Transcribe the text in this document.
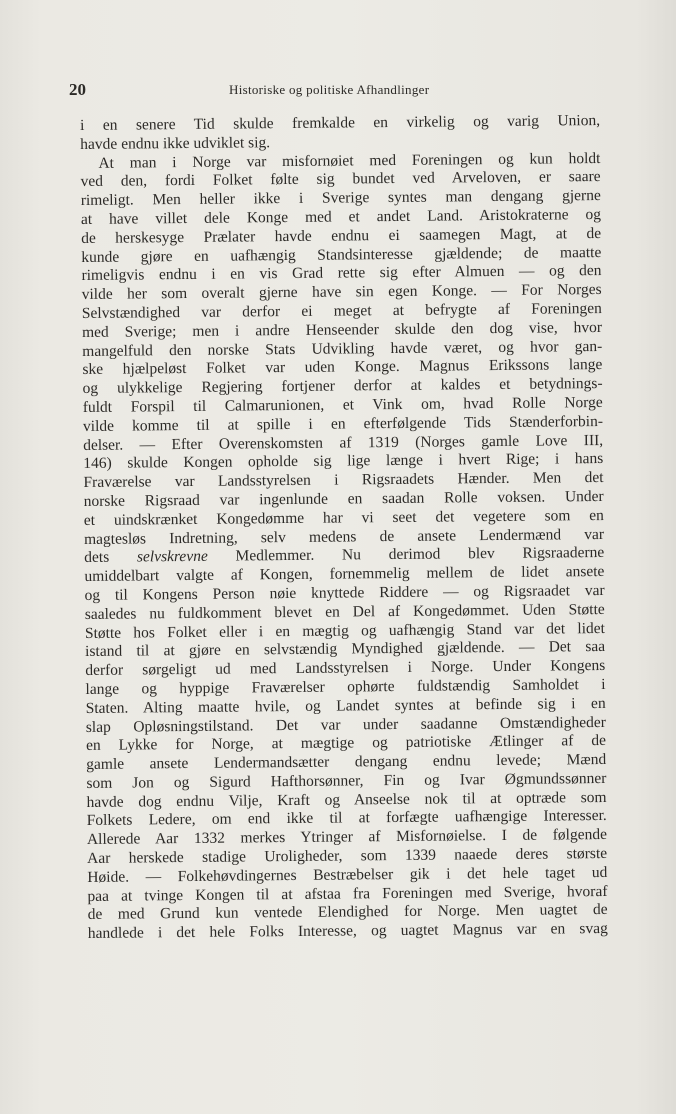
20	Historiske og politiske Afhandlinger
i en senere Tid skulde fremkalde en virkelig og varig Union,
havde endnu ikke udviklet sig.
At man i Norge var misfornøiet med Foreningen og kun holdt
ved den, fordi Folket følte sig bundet ved Arveloven, er saare
rimeligt. Men heller ikke i Sverige syntes man dengang gjerne
at have villet dele Konge med et andet Land. Aristokraterne og
de herskesyge Prælater havde endnu ei saamegen Magt, at de
kunde gjøre en uafhængig Standsinteresse gjældende; de maatte
rimeligvis endnu i en vis Grad rette sig efter Almuen — og den
vilde her som overalt gjerne have sin egen Konge. — For Norges
Selvstændighed var derfor ei meget at befrygte af Foreningen
med Sverige; men i andre Henseender skulde den dog vise, hvor
mangelfuld den norske Stats Udvikling havde været, og hvor gan-
ske hjælpeløst Folket var uden Konge. Magnus Erikssons lange
og ulykkelige Regjering fortjener derfor at kaldes et betydnings-
fuldt Forspil til Calmarunionen, et Vink om, hvad Rolle Norge
vilde komme til at spille i en efterfølgende Tids Stænderforbin-
delser. — Efter Overenskomsten af 1319 (Norges gamle Love III,
146) skulde Kongen opholde sig lige længe i hvert Rige; i hans
Fraværelse var Landsstyrelsen i Rigsraadets Hænder. Men det
norske Rigsraad var ingenlunde en saadan Rolle voksen. Under
et uindskrænket Kongedømme har vi seet det vegetere som en
magtesløs Indretning, selv medens de ansete Lendermænd var
dets selvskrevne Medlemmer. Nu derimod blev Rigsraaderne
umiddelbart valgte af Kongen, fornemmelig mellem de lidet ansete
og til Kongens Person nøie knyttede Riddere — og Rigsraadet var
saaledes nu fuldkomment blevet en Del af Kongedømmet. Uden Støtte
Støtte hos Folket eller i en mægtig og uafhængig Stand var det lidet
istand til at gjøre en selvstændig Myndighed gjældende. — Det saa
derfor sørgeligt ud med Landsstyrelsen i Norge. Under Kongens
lange og hyppige Fraværelser ophørte fuldstændig Samholdet i
Staten. Alting maatte hvile, og Landet syntes at befinde sig i en
slap Opløsningstilstand. Det var under saadanne Omstændigheder
en Lykke for Norge, at mægtige og patriotiske Ætlinger af de
gamle ansete Lendermandsætter dengang endnu levede; Mænd
som Jon og Sigurd Hafthorsønner, Fin og Ivar Øgmundssønner
havde dog endnu Vilje, Kraft og Anseelse nok til at optræde som
Folkets Ledere, om end ikke til at forfægte uafhængige Interesser.
Allerede Aar 1332 merkes Ytringer af Misfornøielse. I de følgende
Aar herskede stadige Uroligheder, som 1339 naaede deres største
Høide. — Folkehøvdingernes Bestræbelser gik i det hele taget ud
paa at tvinge Kongen til at afstaa fra Foreningen med Sverige, hvoraf
de med Grund kun ventede Elendighed for Norge. Men uagtet de
handlede i det hele Folks Interesse, og uagtet Magnus var en svag
